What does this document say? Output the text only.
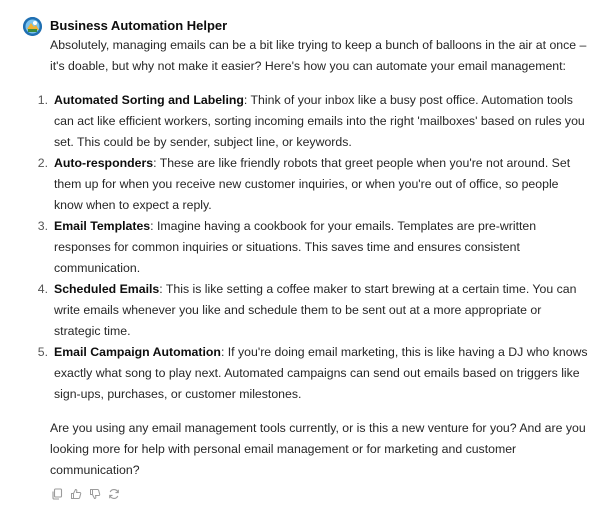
Business Automation Helper

Absolutely, managing emails can be a bit like trying to keep a bunch of balloons in the air at once – it's doable, but why not make it easier? Here's how you can automate your email management:

1. Automated Sorting and Labeling: Think of your inbox like a busy post office. Automation tools can act like efficient workers, sorting incoming emails into the right 'mailboxes' based on rules you set. This could be by sender, subject line, or keywords.
2. Auto-responders: These are like friendly robots that greet people when you're not around. Set them up for when you receive new customer inquiries, or when you're out of office, so people know when to expect a reply.
3. Email Templates: Imagine having a cookbook for your emails. Templates are pre-written responses for common inquiries or situations. This saves time and ensures consistent communication.
4. Scheduled Emails: This is like setting a coffee maker to start brewing at a certain time. You can write emails whenever you like and schedule them to be sent out at a more appropriate or strategic time.
5. Email Campaign Automation: If you're doing email marketing, this is like having a DJ who knows exactly what song to play next. Automated campaigns can send out emails based on triggers like sign-ups, purchases, or customer milestones.

Are you using any email management tools currently, or is this a new venture for you? And are you looking more for help with personal email management or for marketing and customer communication?
